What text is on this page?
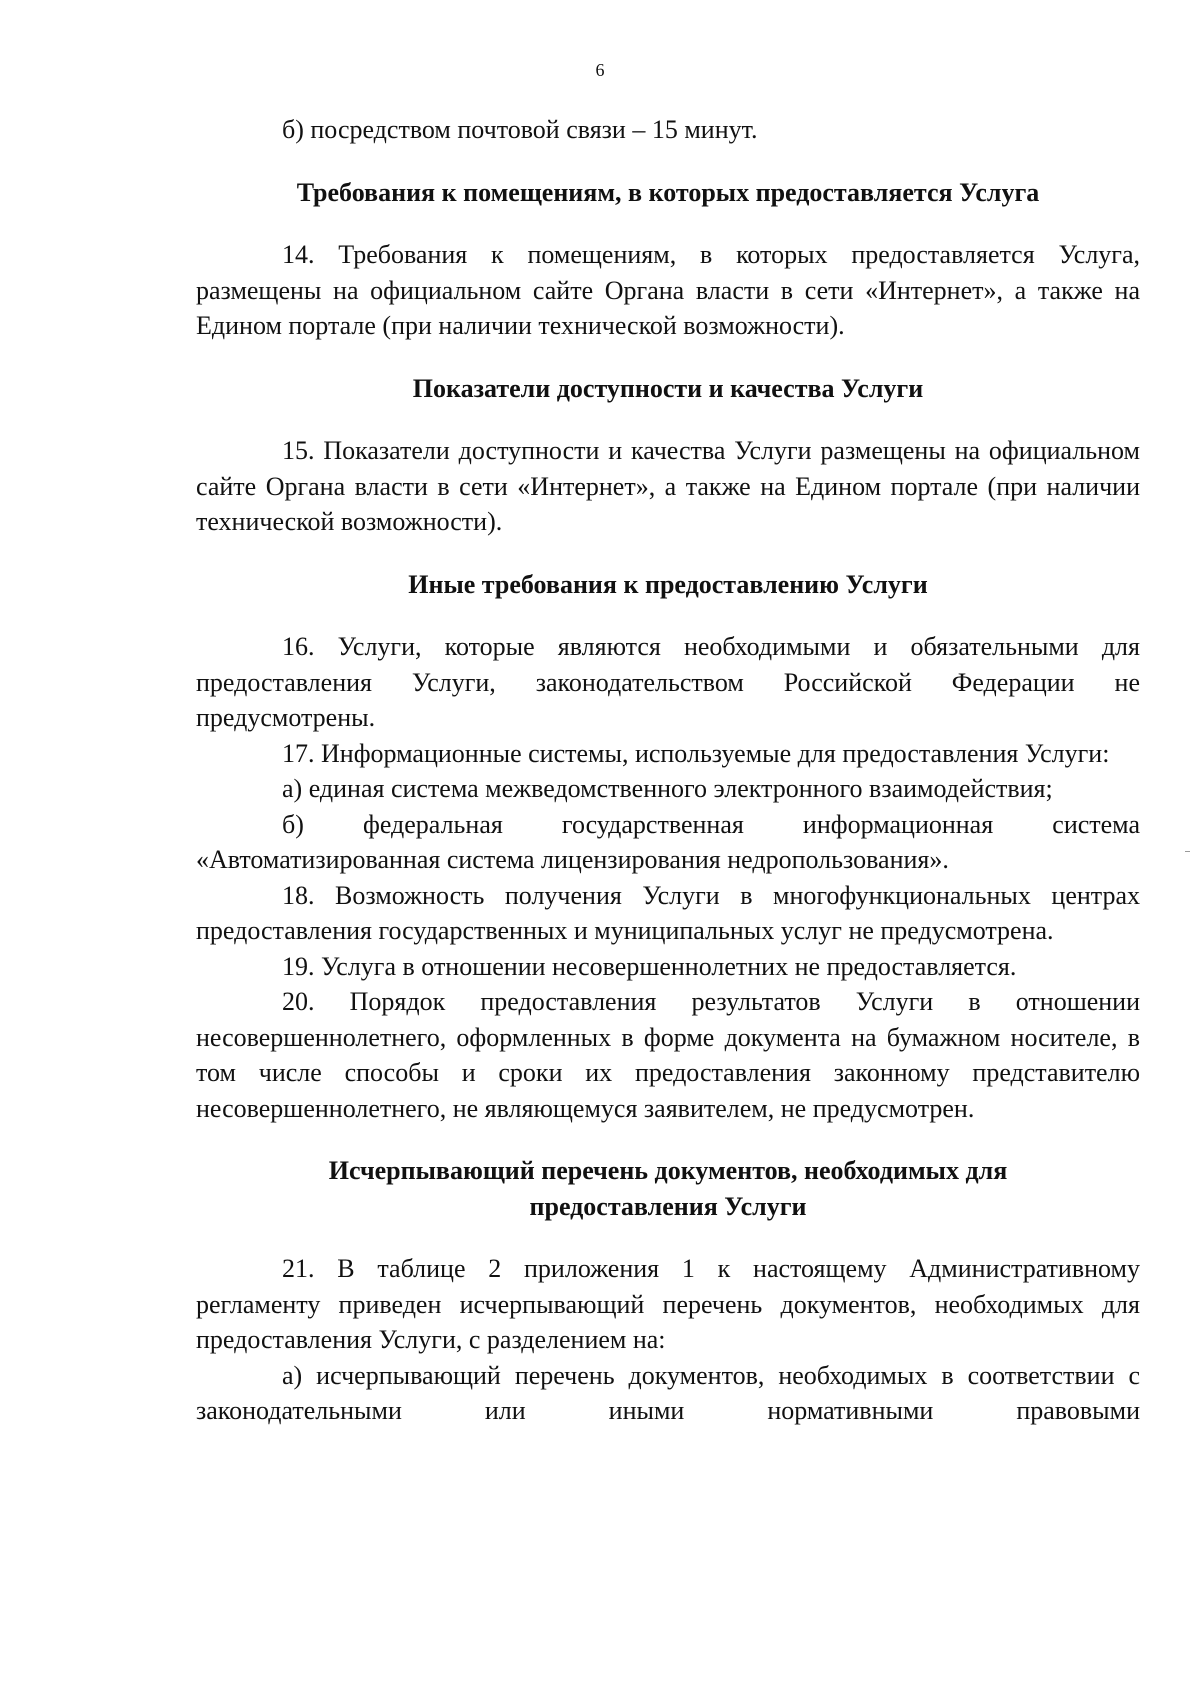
6

б) посредством почтовой связи – 15 минут.

Требования к помещениям, в которых предоставляется Услуга

14. Требования к помещениям, в которых предоставляется Услуга, размещены на официальном сайте Органа власти в сети «Интернет», а также на Едином портале (при наличии технической возможности).

Показатели доступности и качества Услуги

15. Показатели доступности и качества Услуги размещены на официальном сайте Органа власти в сети «Интернет», а также на Едином портале (при наличии технической возможности).

Иные требования к предоставлению Услуги

16. Услуги, которые являются необходимыми и обязательными для предоставления Услуги, законодательством Российской Федерации не предусмотрены.

17. Информационные системы, используемые для предоставления Услуги:

а) единая система межведомственного электронного взаимодействия;

б) федеральная государственная информационная система «Автоматизированная система лицензирования недропользования».

18. Возможность получения Услуги в многофункциональных центрах предоставления государственных и муниципальных услуг не предусмотрена.

19. Услуга в отношении несовершеннолетних не предоставляется.

20. Порядок предоставления результатов Услуги в отношении несовершеннолетнего, оформленных в форме документа на бумажном носителе, в том числе способы и сроки их предоставления законному представителю несовершеннолетнего, не являющемуся заявителем, не предусмотрен.

Исчерпывающий перечень документов, необходимых для
предоставления Услуги

21. В таблице 2 приложения 1 к настоящему Административному регламенту приведен исчерпывающий перечень документов, необходимых для предоставления Услуги, с разделением на:

а) исчерпывающий перечень документов, необходимых в соответствии с законодательными или иными нормативными правовыми
